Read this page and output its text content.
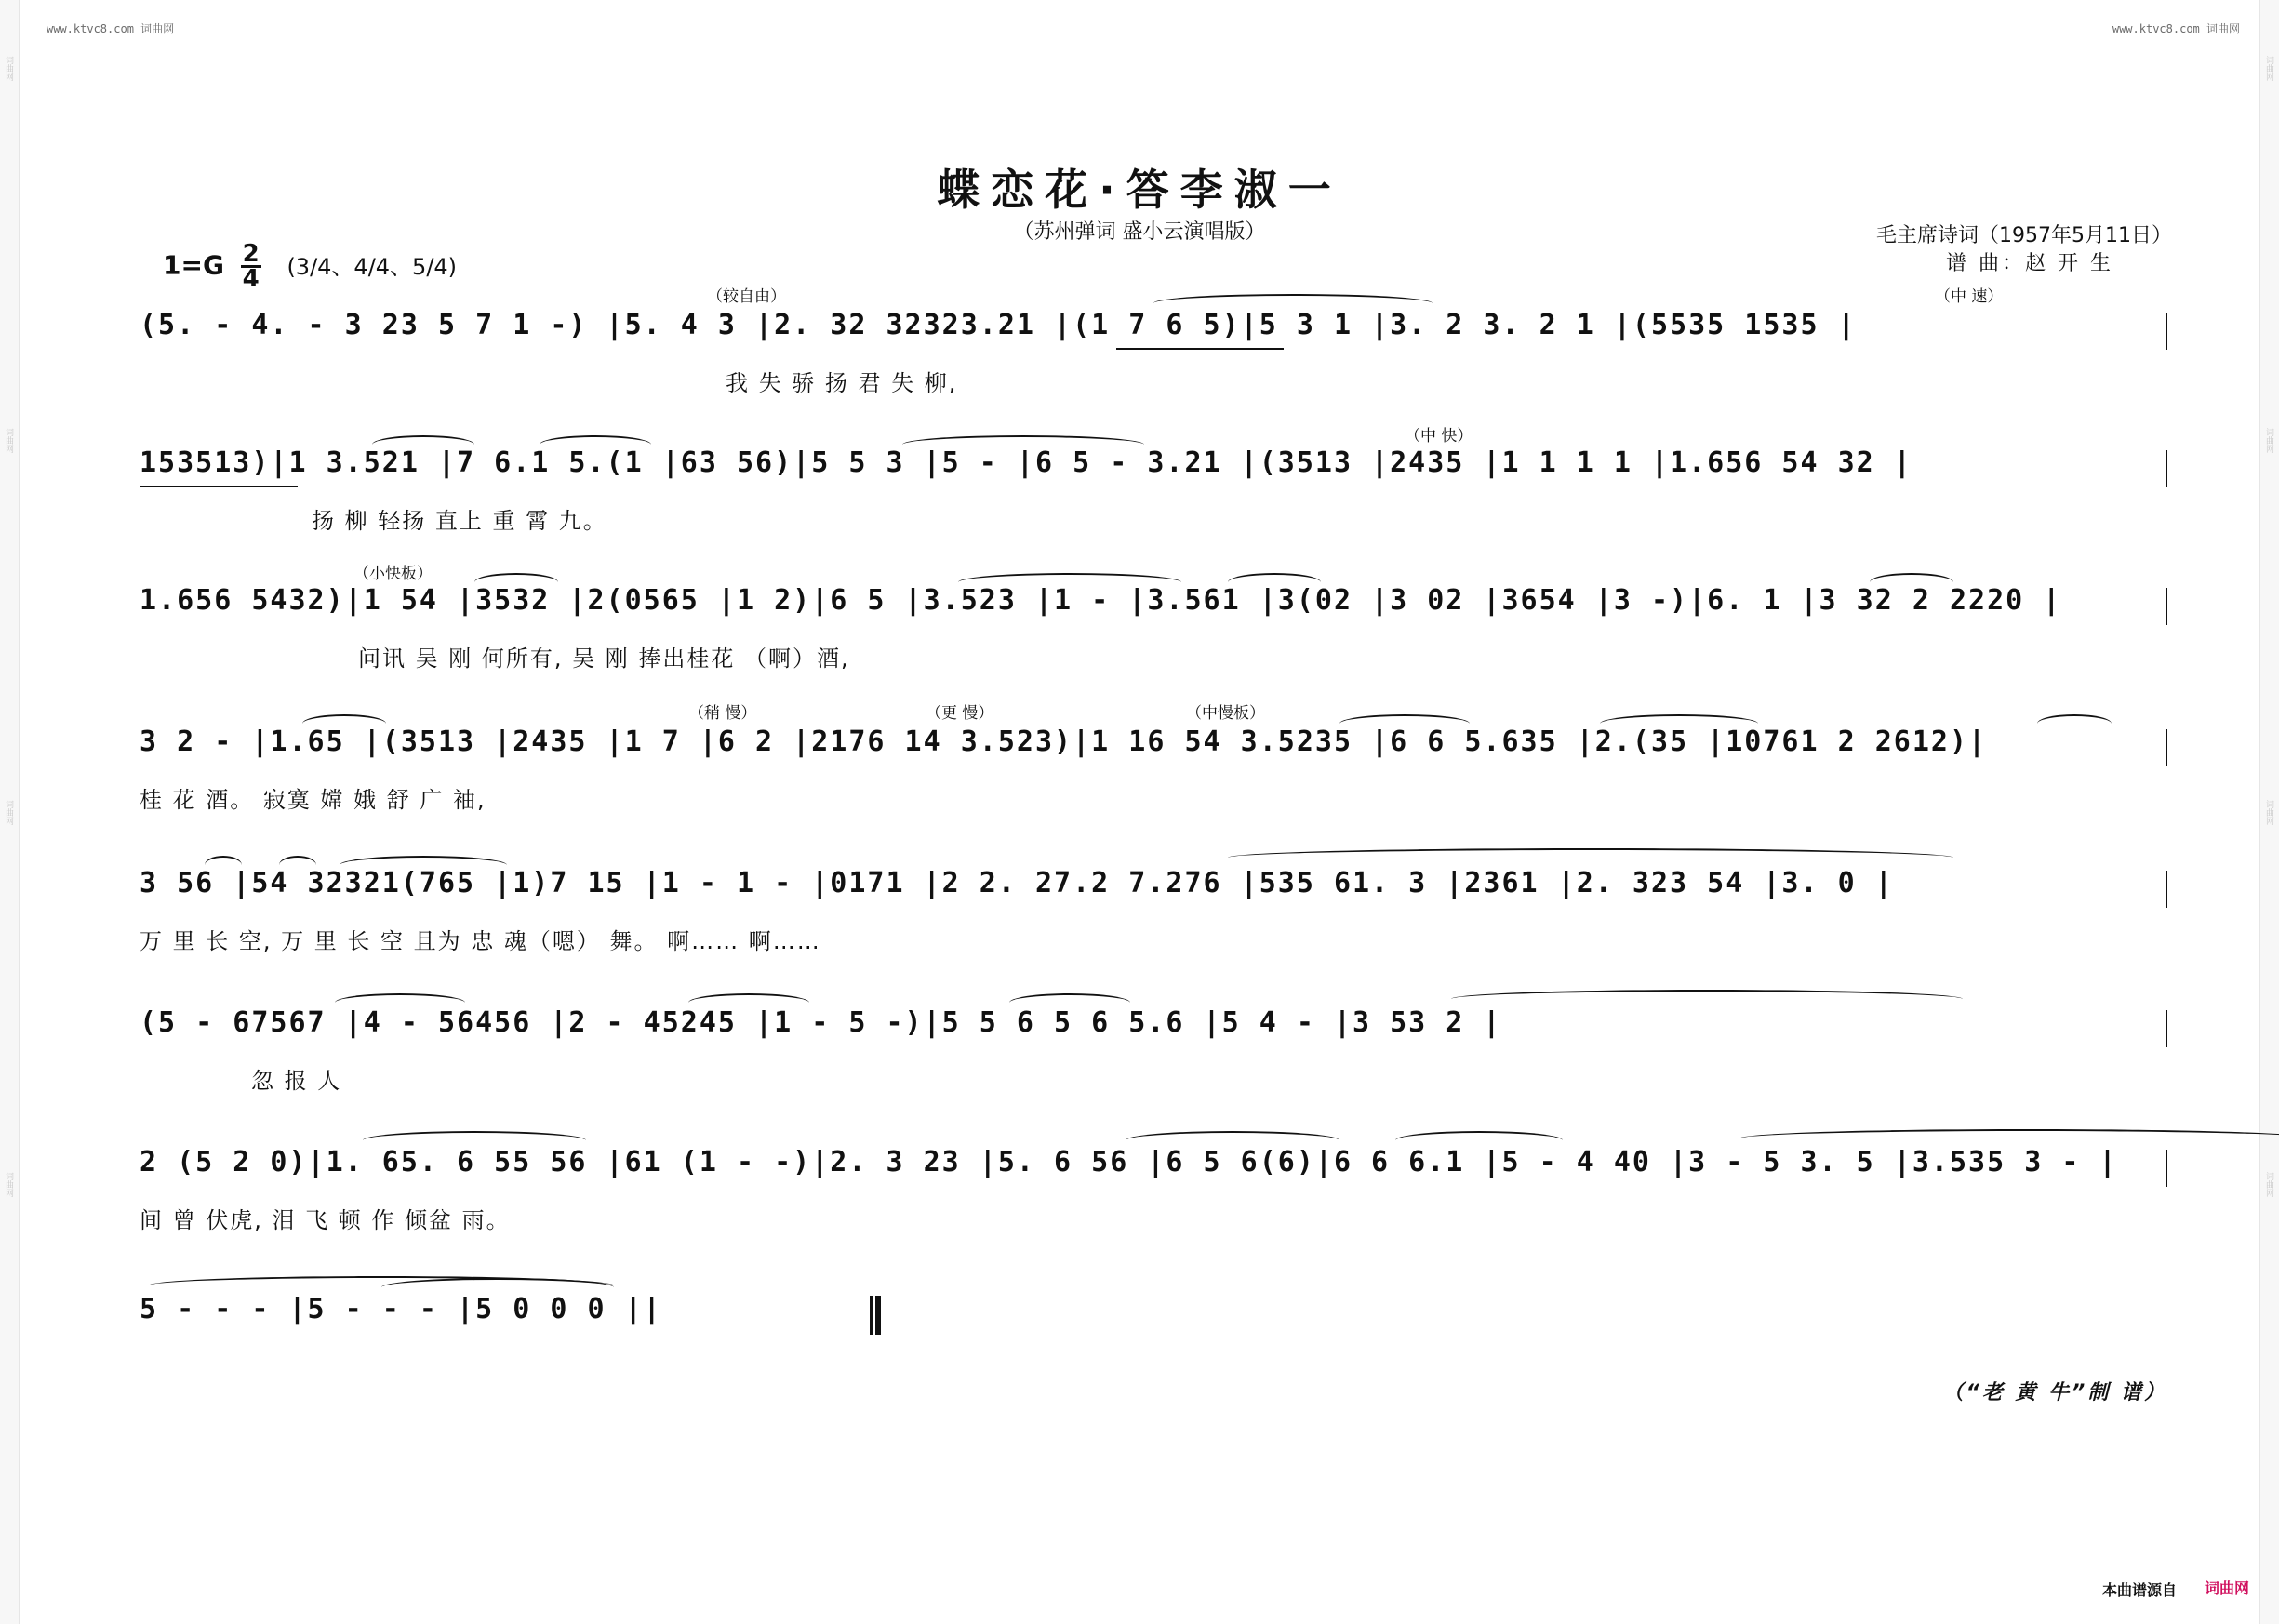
词曲网
词曲网
词曲网
词曲网
词曲网
词曲网
词曲网
词曲网
www.ktvc8.com 词曲网	www.ktvc8.com 词曲网
蝶恋花·答李淑一
（苏州弹词 盛小云演唱版）	毛主席诗词（1957年5月11日）
谱 曲：赵 开 生
$1=G \frac{2}{4} (3/4$、4/4、5/4)
（较自由）	（中 速）
(5. - 4. - 3 23 5 7 1 -) |5. 4 3 |2. 32 32323.21 |(1 7 6 5)|5 3 1 |3. 2 3. 2 1 |(5535 1535 |
我 失 骄 扬 君 失 柳,
（中 快）
153513)|1 3.521 |7 6.1 5.(1 |63 56)|5 5 3 |5 - |6 5 - 3.21 |(3513 |2435 |1 1 1 1 |1.656 54 32 |
扬 柳 轻扬 直上 重 霄 九。
（小快板）
1.656 5432)|1 54 |3532 |2(0565 |1 2)|6 5 |3.523 |1 - |3.561 |3(02 |3 02 |3654 |3 -)|6. 1 |3 32 2 2220 |
问讯 吴 刚 何所有, 吴 刚 捧出桂花 （啊）酒,
（稍 慢）	（更 慢）	（中慢板）
3 2 - |1.65 |(3513 |2435 |1 7 |6 2 |2176 14 3.523)|1 16 54 3.5235 |6 6 5.635 |2.(35 |10761 2 2612)|
桂 花 酒。 寂寞 嫦 娥 舒 广 袖,
3 56 |54 32321(765 |1)7 15 |1 - 1 - |0171 |2 2. 27.2 7.276 |535 61. 3 |2361 |2. 323 54 |3. 0 |
万 里 长 空, 万 里 长 空 且为 忠 魂（嗯） 舞。 啊…… 啊……
(5 - 67567 |4 - 56456 |2 - 45245 |1 - 5 -)|5 5 6 5 6 5.6 |5 4 - |3 53 2 |
忽 报 人
2 (5 2 0)|1. 65. 6 55 56 |61 (1 - -)|2. 3 23 |5. 6 56 |6 5 6(6)|6 6 6.1 |5 - 4 40 |3 - 5 3. 5 |3.535 3 - |
间 曾 伏虎, 泪 飞 顿 作 倾盆 雨。
5 - - - |5 - - - |5 0 0 0 ||
（“老 黄 牛”制 谱）
本曲谱源自 词曲网
